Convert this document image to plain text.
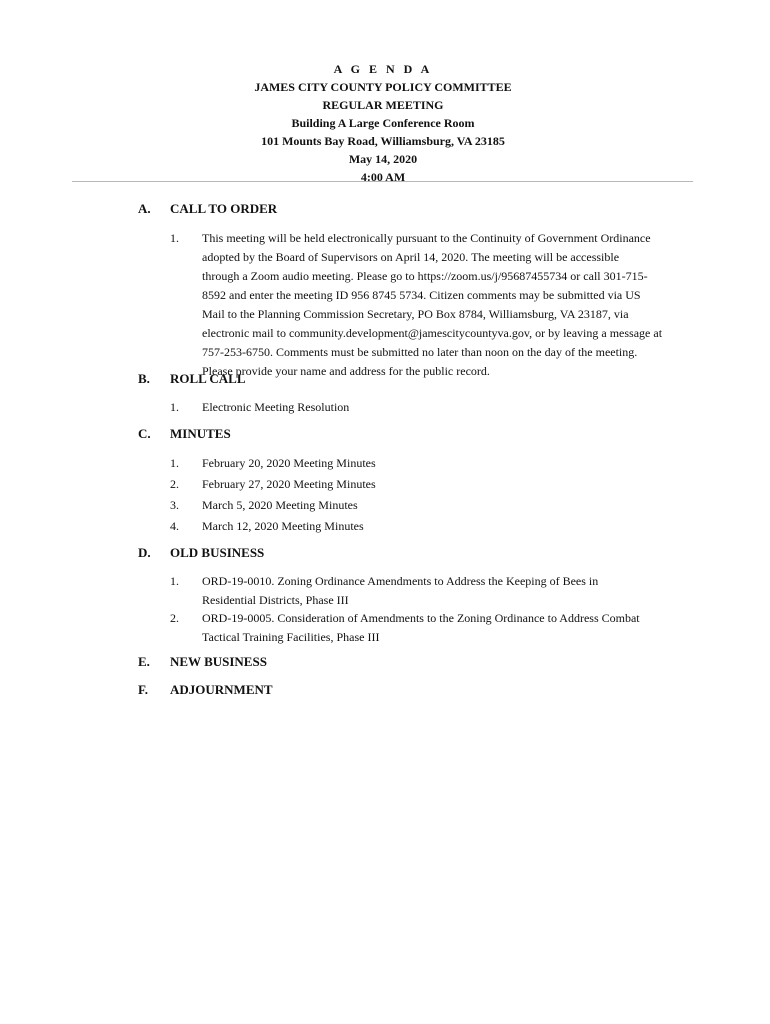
A G E N D A
JAMES CITY COUNTY POLICY COMMITTEE
REGULAR MEETING
Building A Large Conference Room
101 Mounts Bay Road, Williamsburg, VA 23185
May 14, 2020
4:00 AM
A. CALL TO ORDER
1. This meeting will be held electronically pursuant to the Continuity of Government Ordinance
adopted by the Board of Supervisors on April 14, 2020. The meeting will be accessible
through a Zoom audio meeting. Please go to https://zoom.us/j/95687455734 or call 301-715-
8592 and enter the meeting ID 956 8745 5734. Citizen comments may be submitted via US
Mail to the Planning Commission Secretary, PO Box 8784, Williamsburg, VA 23187, via
electronic mail to community.development@jamescitycountyva.gov, or by leaving a message at
757-253-6750. Comments must be submitted no later than noon on the day of the meeting.
Please provide your name and address for the public record.
B. ROLL CALL
1. Electronic Meeting Resolution
C. MINUTES
1. February 20, 2020 Meeting Minutes
2. February 27, 2020 Meeting Minutes
3. March 5, 2020 Meeting Minutes
4. March 12, 2020 Meeting Minutes
D. OLD BUSINESS
1. ORD-19-0010. Zoning Ordinance Amendments to Address the Keeping of Bees in
Residential Districts, Phase III
2. ORD-19-0005. Consideration of Amendments to the Zoning Ordinance to Address Combat
Tactical Training Facilities, Phase III
E. NEW BUSINESS
F. ADJOURNMENT
